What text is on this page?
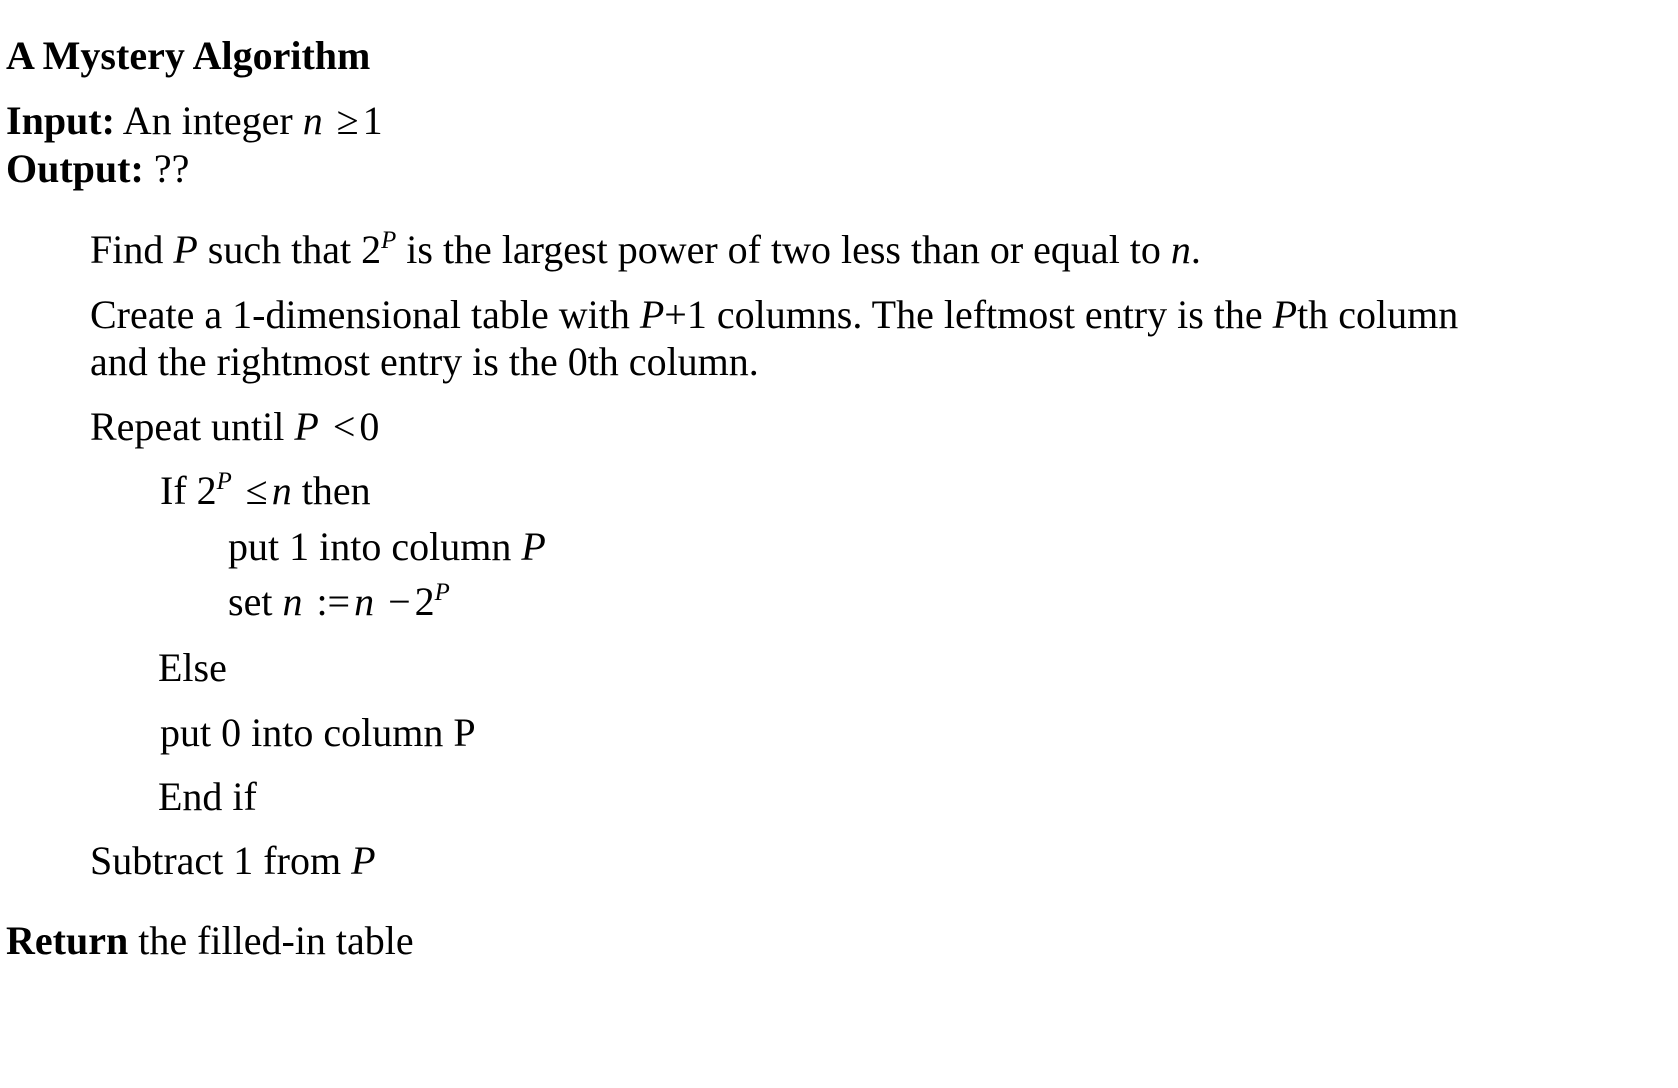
A Mystery Algorithm
Input: An integer n ≥ 1
Output: ??
Find P such that $2^P$ is the largest power of two less than or equal to n.
Create a 1-dimensional table with P+1 columns. The leftmost entry is the Pth column
and the rightmost entry is the 0th column.
Repeat until P < 0
If $2^P \le n$ then
put 1 into column P
set n := $n - 2^P$
Else
put 0 into column P
End if
Subtract 1 from P
Return the filled-in table
